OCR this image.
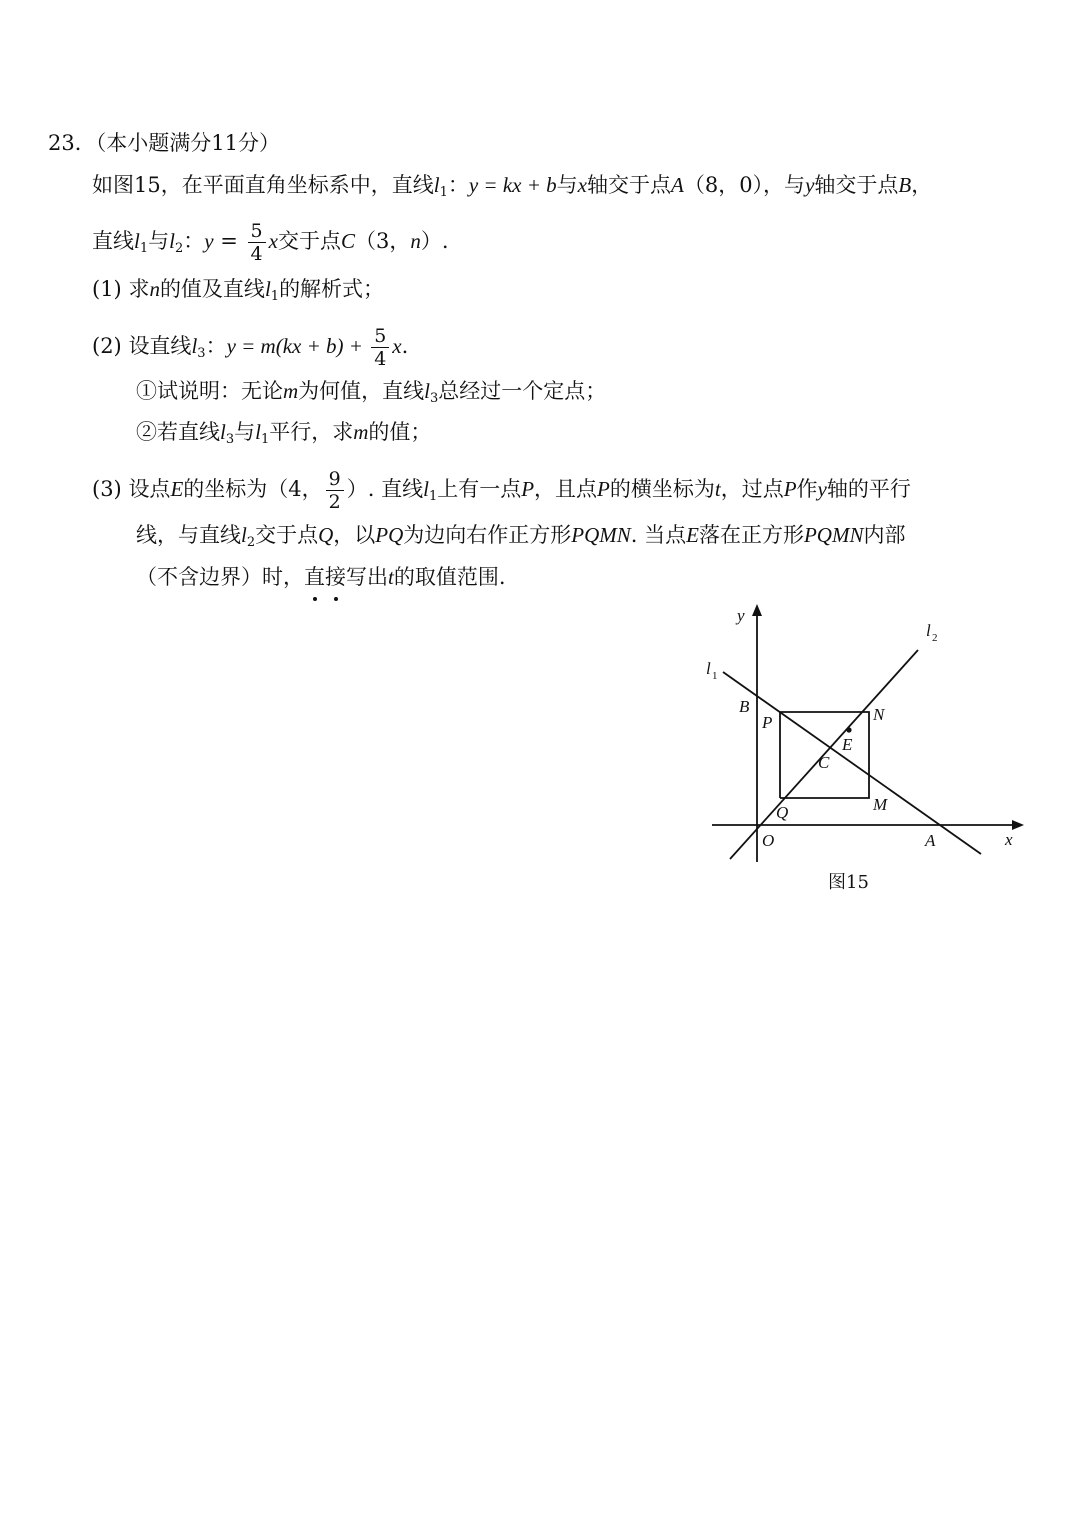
23．（本小题满分11分）
如图15，在平面直角坐标系中，直线$l_1$：y = kx + b与x轴交于点A（8，0），与y轴交于点B，
直线$l_1$与$l_2$：$y = \frac{5}{4}$ x交于点C（3，n）.
(1) 求n的值及直线$l_1$的解析式；
(2) 设直线$l_3$：$y = m(kx + b) + \frac{5}{4} x$.
①试说明：无论m为何值，直线$l_3$总经过一个定点；
②若直线$l_3$与$l_1$平行，求m的值；
(3) 设点E的坐标为（4， $\frac{9}{2}$ ）. 直线$l_1$上有一点P，且点P的横坐标为t，过点P作y轴的平行
线，与直线$l_2$交于点Q，以PQ为边向右作正方形PQMN. 当点E落在正方形PQMN内部
（不含边界）时，直接写出t的取值范围.
y
x
O	A
B
C
E
P
Q	M
N
l
l
1
2
图15
